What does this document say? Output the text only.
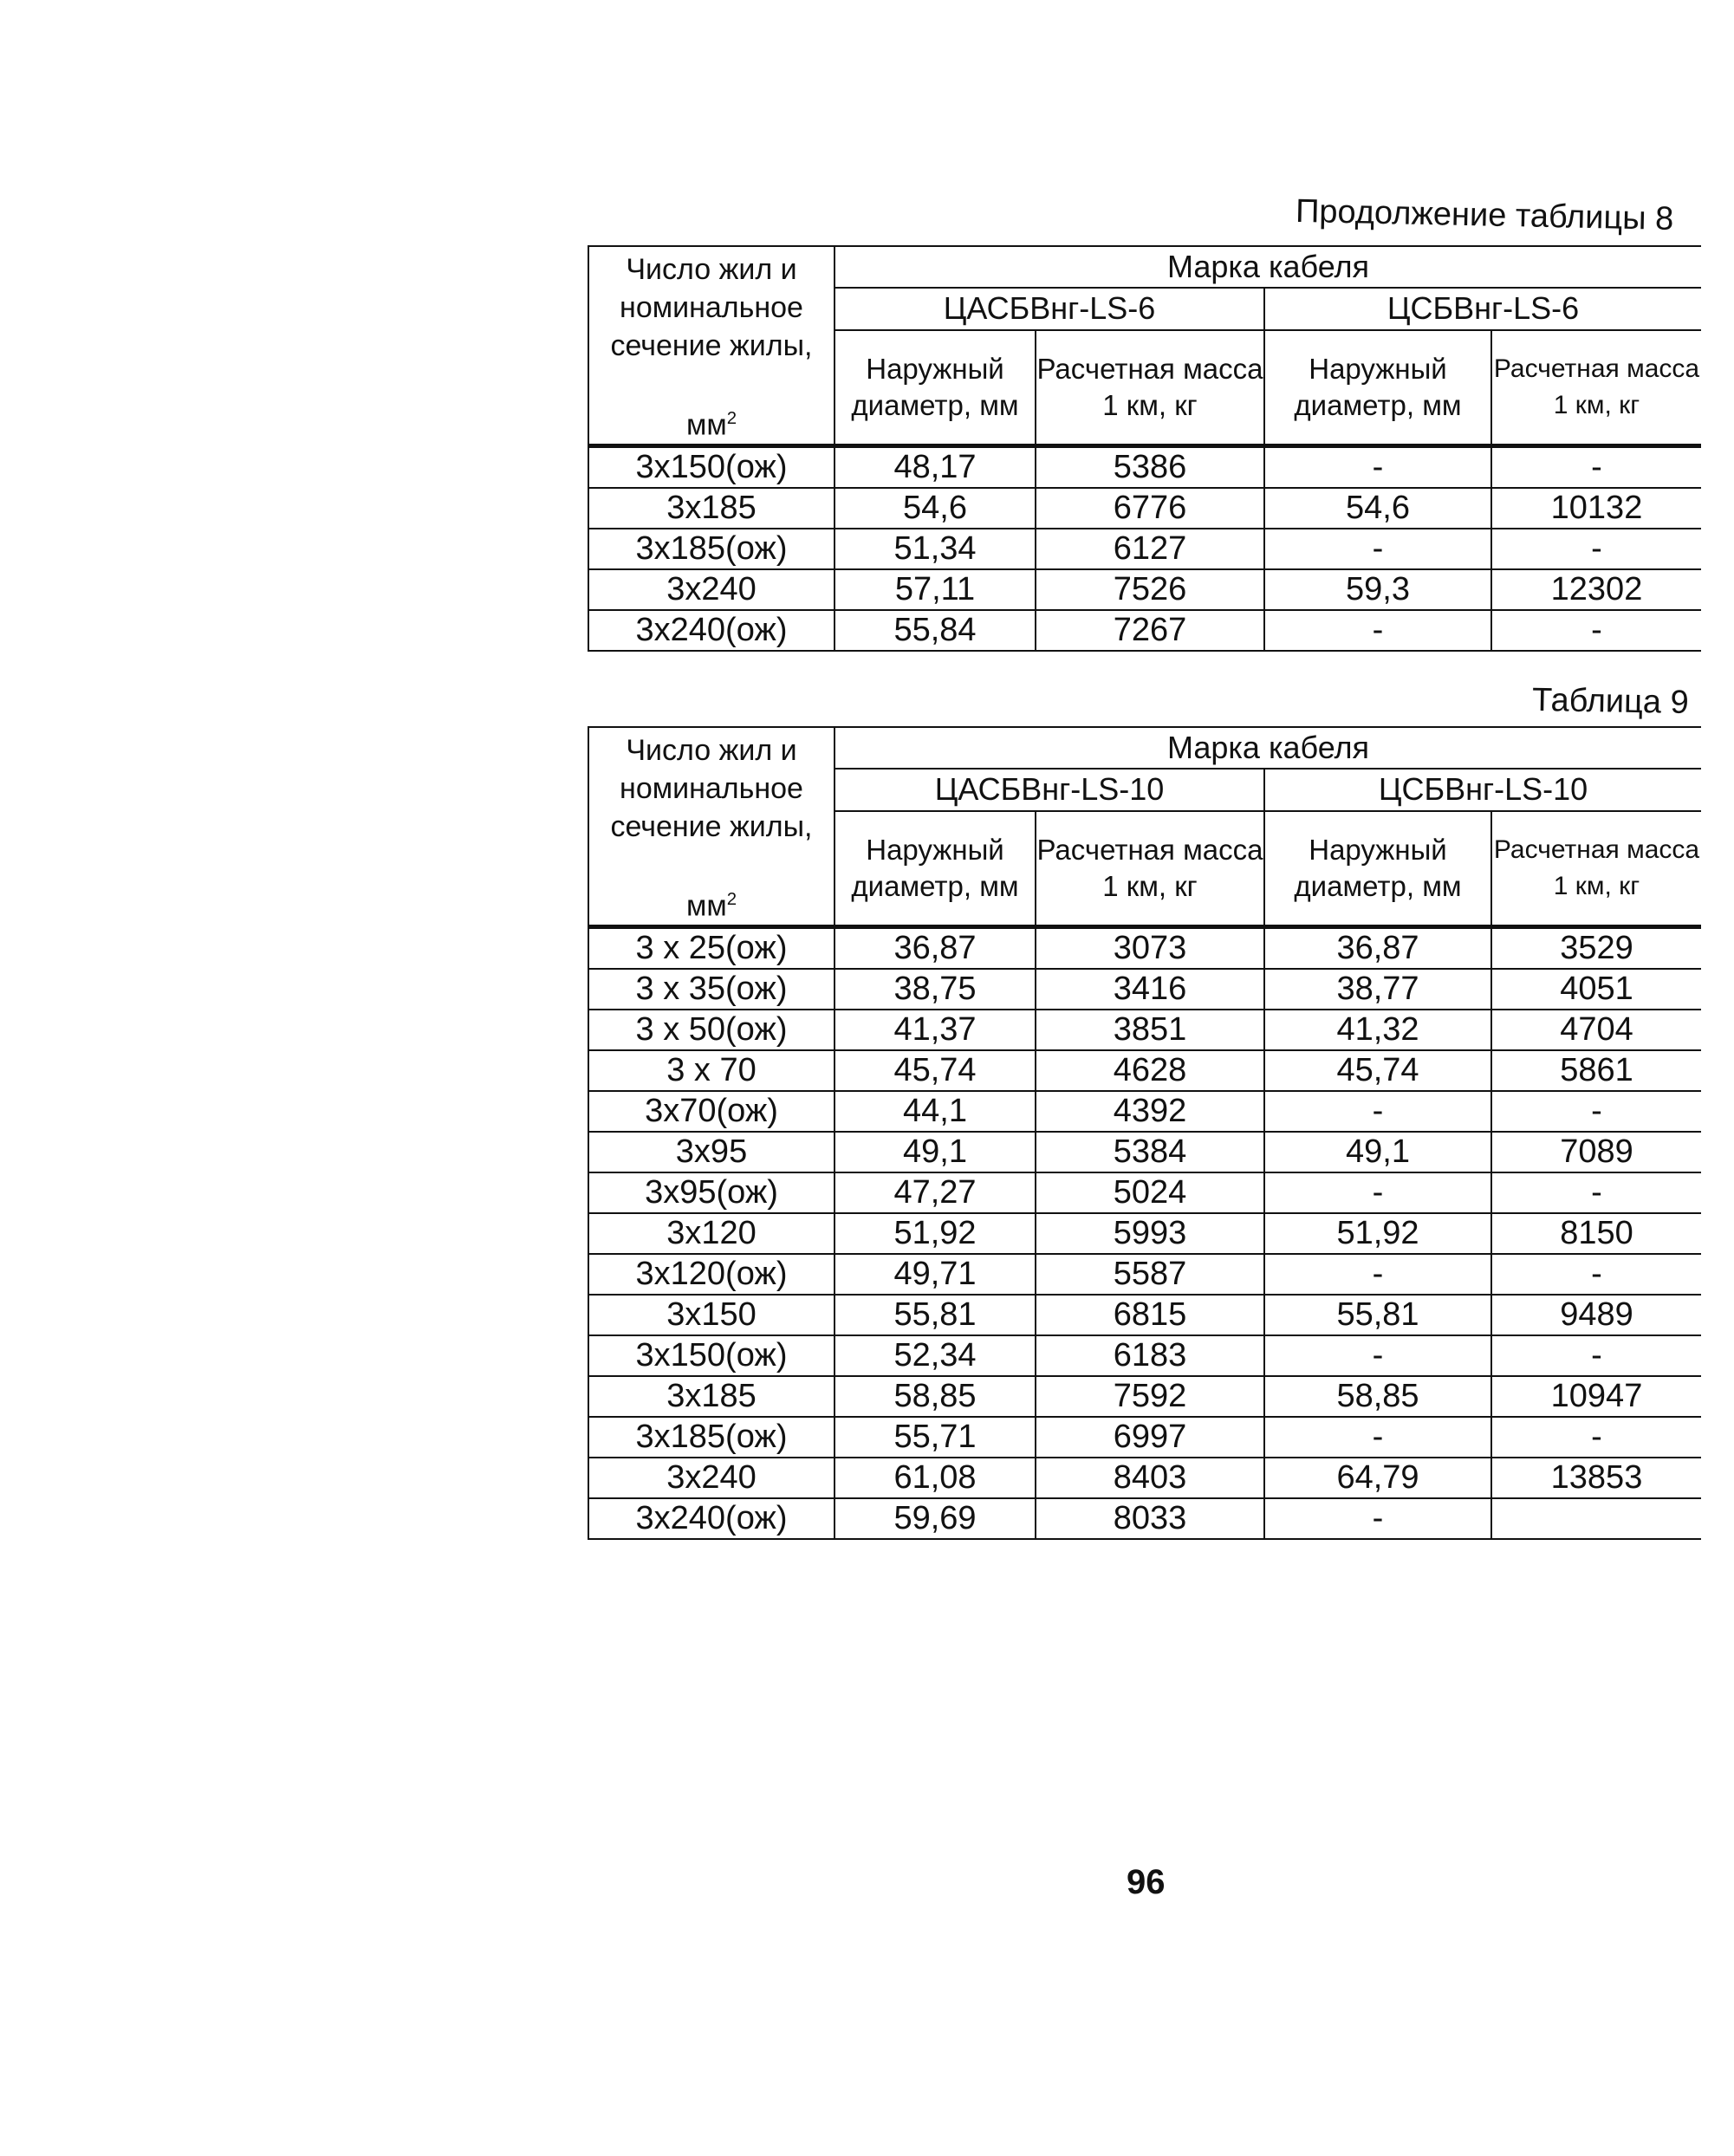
Продолжение таблицы 8
Число жил и
номинальное
сечение жилы,
$мм^2$	Марка кабеля			
	ЦАСБВнг-LS-6		ЦСБВнг-LS-6	
	Наружный диаметр, мм	Расчетная масса 1 км, кг	Наружный диаметр, мм	Расчетная масса 1 км, кг
3х150(ож)	48,17	5386	-	-
3х185	54,6	6776	54,6	10132
3х185(ож)	51,34	6127	-	-
3х240	57,11	7526	59,3	12302
3х240(ож)	55,84	7267	-	-
Таблица 9
Число жил и
номинальное
сечение жилы,
$мм^2$	Марка кабеля			
	ЦАСБВнг-LS-10		ЦСБВнг-LS-10	
	Наружный диаметр, мм	Расчетная масса 1 км, кг	Наружный диаметр, мм	Расчетная масса 1 км, кг
3 х 25(ож)	36,87	3073	36,87	3529
3 х 35(ож)	38,75	3416	38,77	4051
3 х 50(ож)	41,37	3851	41,32	4704
3 х 70	45,74	4628	45,74	5861
3х70(ож)	44,1	4392	-	-
3х95	49,1	5384	49,1	7089
3х95(ож)	47,27	5024	-	-
3х120	51,92	5993	51,92	8150
3х120(ож)	49,71	5587	-	-
3х150	55,81	6815	55,81	9489
3х150(ож)	52,34	6183	-	-
3х185	58,85	7592	58,85	10947
3х185(ож)	55,71	6997	-	-
3х240	61,08	8403	64,79	13853
3х240(ож)	59,69	8033	-	
96
